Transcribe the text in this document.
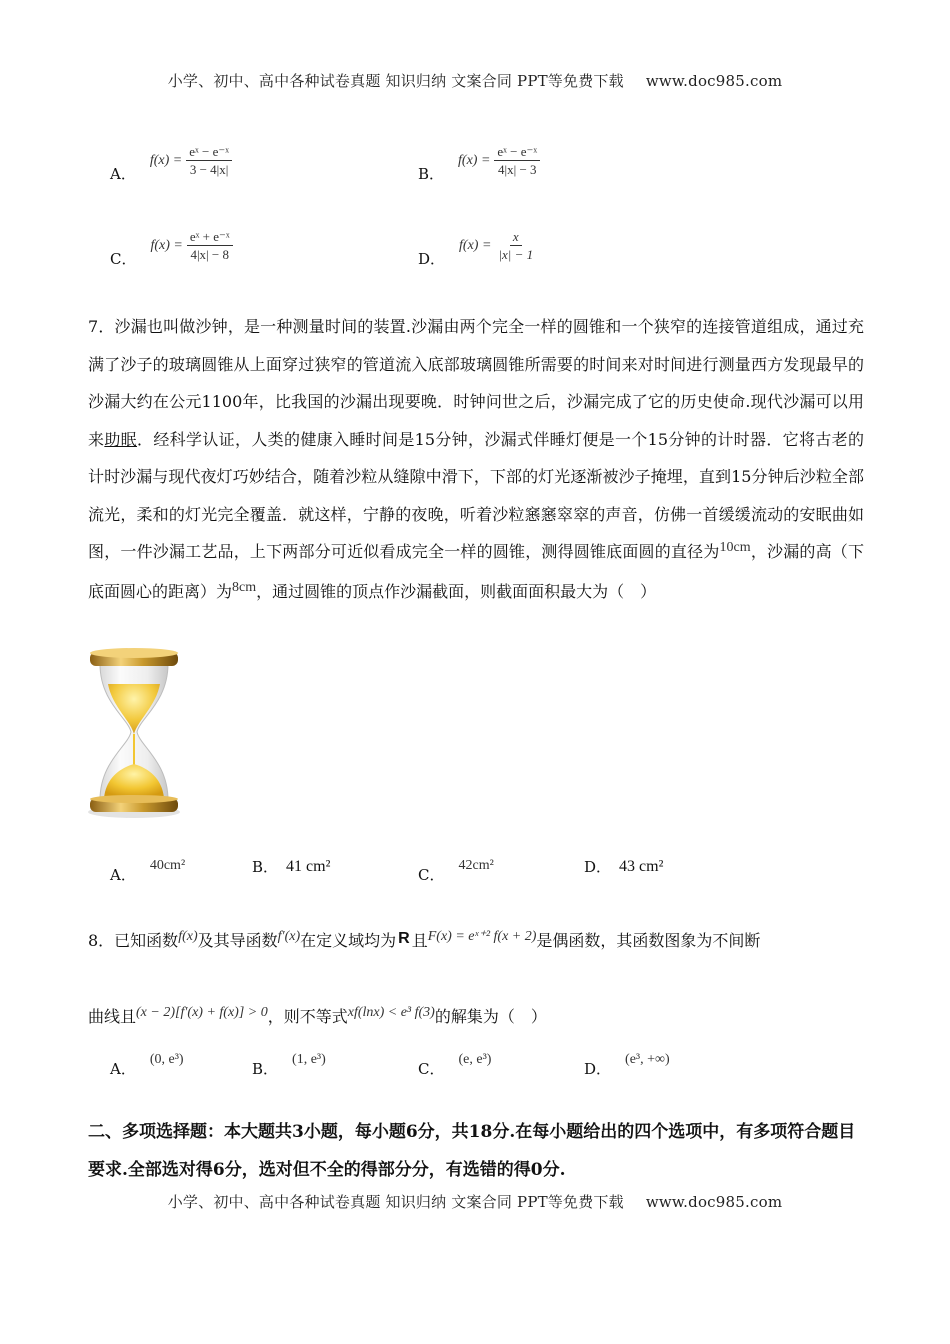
小学、初中、高中各种试卷真题 知识归纳 文案合同 PPT等免费下载 www.doc985.com
A．
$f(x) = \frac{\text{eˣ − e⁻ˣ}}{3 - 4|x|}$	B．
$f(x) = \frac{\text{eˣ − e⁻ˣ}}{4|x| - 3}$
C．
$f(x) = \frac{\text{eˣ + e⁻ˣ}}{4|x| - 8}$	D．
$f(x) = \frac{x}{|x| - 1}$
7．沙漏也叫做沙钟，是一种测量时间的装置.沙漏由两个完全一样的圆锥和一个狭窄的连接管道组成，通过充满了沙子的玻璃圆锥从上面穿过狭窄的管道流入底部玻璃圆锥所需要的时间来对时间进行测量西方发现最早的沙漏大约在公元1100年，比我国的沙漏出现要晚．时钟问世之后，沙漏完成了它的历史使命.现代沙漏可以用来助眠．经科学认证，人类的健康入睡时间是15分钟，沙漏式伴睡灯便是一个15分钟的计时器．它将古老的计时沙漏与现代夜灯巧妙结合，随着沙粒从缝隙中滑下，下部的灯光逐渐被沙子掩埋，直到15分钟后沙粒全部流光，柔和的灯光完全覆盖．就这样，宁静的夜晚，听着沙粒窸窸窣窣的声音，仿佛一首缓缓流动的安眠曲如图，一件沙漏工艺品，上下两部分可近似看成完全一样的圆锥，测得圆锥底面圆的直径为10cm，沙漏的高（下底面圆心的距离）为8cm，通过圆锥的顶点作沙漏截面，则截面面积最大为（　）
A．
40cm²	B． 41 cm²	C．
42cm²	D． 43 cm²
8．已知函数f(x)及其导函数f′(x)在定义域均为 R 且F(x) = eˣ⁺² f(x + 2)是偶函数，其函数图象为不间断
曲线且(x − 2)[f′(x) + f(x)] > 0，则不等式xf(lnx) < e³ f(3)的解集为（　）
A．
(0, e³)
B．
(1, e³)
C．
(e, e³)
D．
(e³, +∞)
二、多项选择题：本大题共3小题，每小题6分，共18分.在每小题给出的四个选项中，有多项符合题目要求.全部选对得6分，选对但不全的得部分分，有选错的得0分.
小学、初中、高中各种试卷真题 知识归纳 文案合同 PPT等免费下载 www.doc985.com
